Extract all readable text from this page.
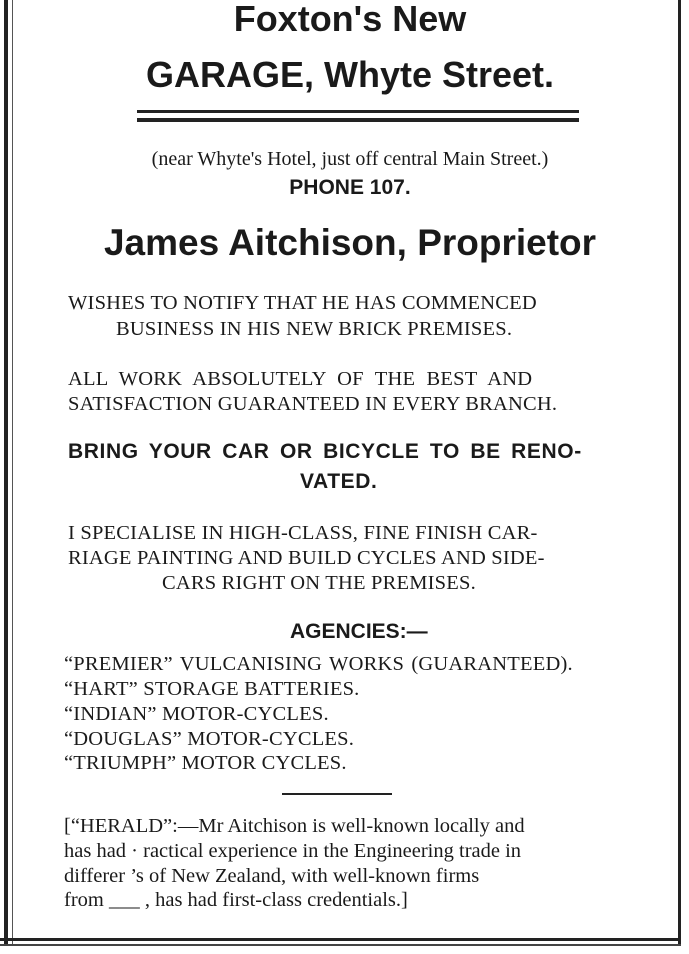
Foxton's New
GARAGE, Whyte Street.
(near Whyte's Hotel, just off central Main Street.)
PHONE 107.
James Aitchison, Proprietor
WISHES TO NOTIFY THAT HE HAS COMMENCED
BUSINESS IN HIS NEW BRICK PREMISES.
ALL WORK ABSOLUTELY OF THE BEST AND
SATISFACTION GUARANTEED IN EVERY BRANCH.
BRING YOUR CAR OR BICYCLE TO BE RENO-
VATED.
I SPECIALISE IN HIGH-CLASS, FINE FINISH CAR-
RIAGE PAINTING AND BUILD CYCLES AND SIDE-
CARS RIGHT ON THE PREMISES.
AGENCIES:—
“PREMIER” VULCANISING WORKS (GUARANTEED).
“HART” STORAGE BATTERIES.
“INDIAN” MOTOR-CYCLES.
“DOUGLAS” MOTOR-CYCLES.
“TRIUMPH” MOTOR CYCLES.
[“HERALD”:—Mr Aitchison is well-known locally and
has had · ractical experience in the Engineering trade in
differer ’s of New Zealand, with well-known firms
from ___ , has had first-class credentials.]
